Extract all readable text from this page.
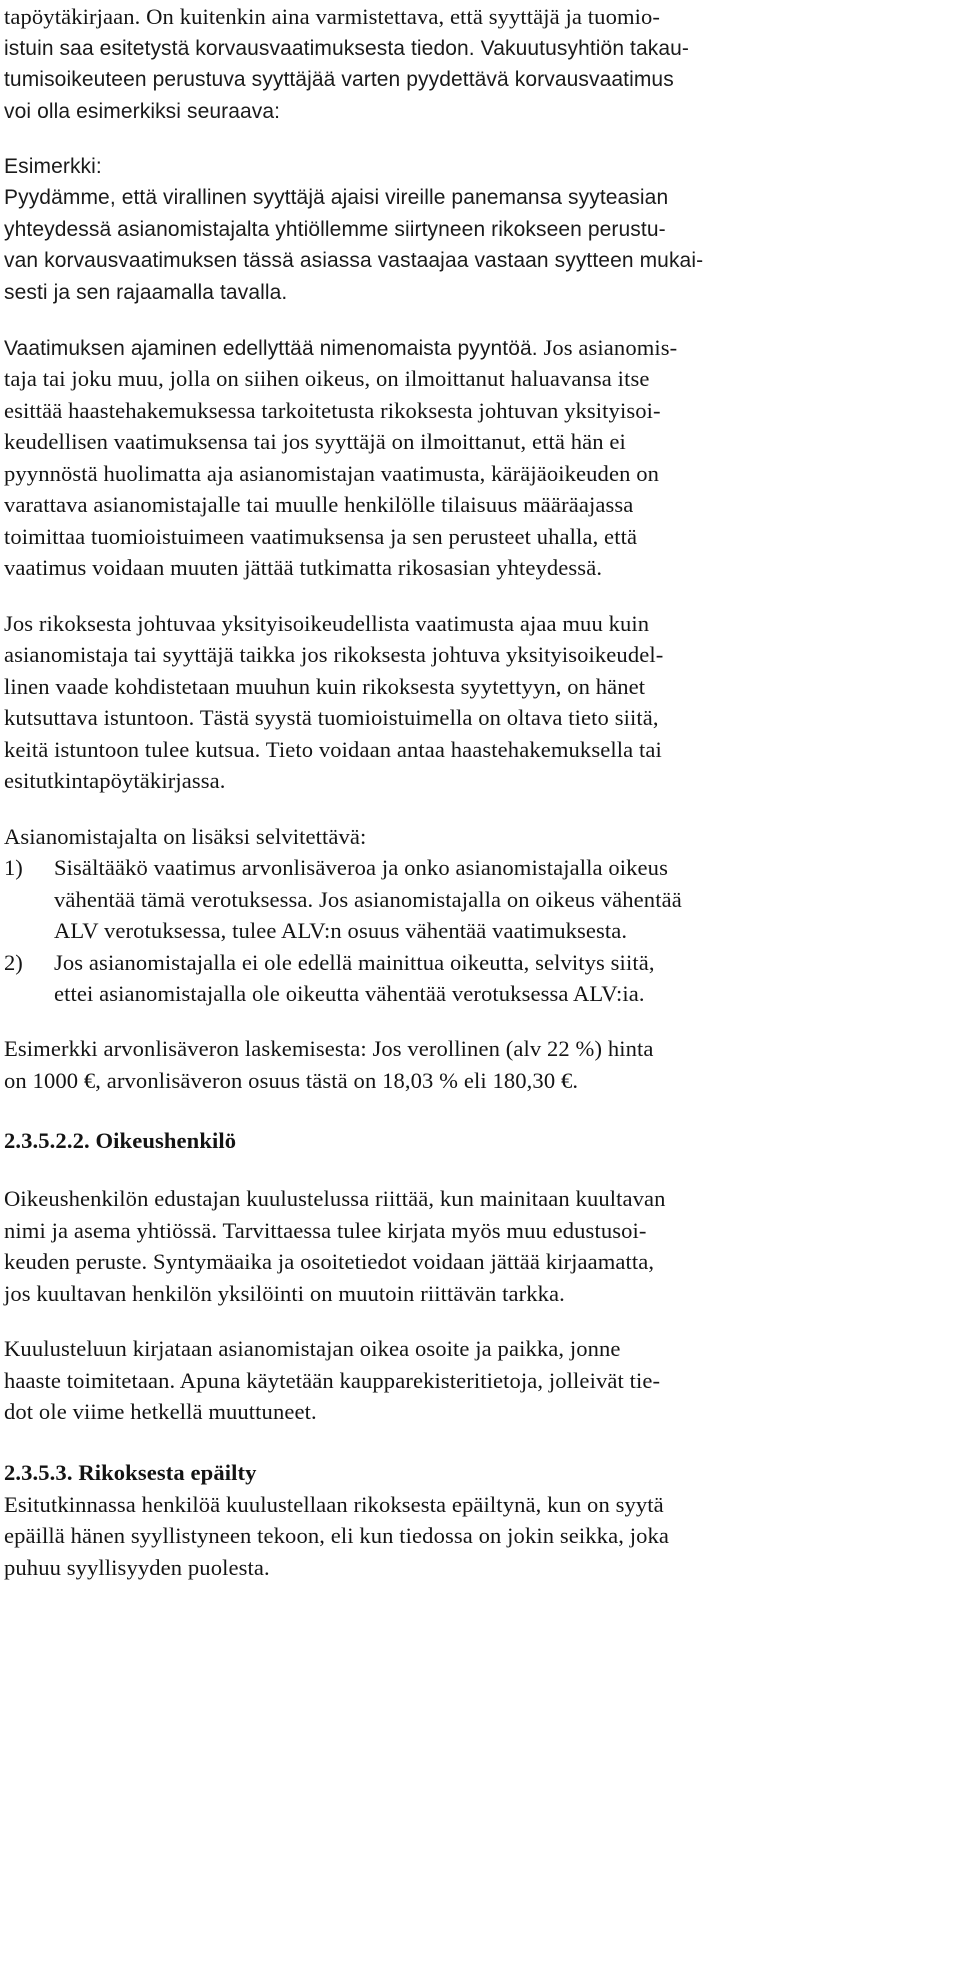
tapöytäkirjaan. On kuitenkin aina varmistettava, että syyttäjä ja tuomio-
istuin saa esitetystä korvausvaatimuksesta tiedon. Vakuutusyhtiön takau-
tumisoikeuteen perustuva syyttäjää varten pyydettävä korvausvaatimus
voi olla esimerkiksi seuraava:
Esimerkki:
Pyydämme, että virallinen syyttäjä ajaisi vireille panemansa syyteasian
yhteydessä asianomistajalta yhtiöllemme siirtyneen rikokseen perustu-
van korvausvaatimuksen tässä asiassa vastaajaa vastaan syytteen mukai-
sesti ja sen rajaamalla tavalla.
Vaatimuksen ajaminen edellyttää nimenomaista pyyntöä. Jos asianomis-
taja tai joku muu, jolla on siihen oikeus, on ilmoittanut haluavansa itse
esittää haastehakemuksessa tarkoitetusta rikoksesta johtuvan yksityisoi-
keudellisen vaatimuksensa tai jos syyttäjä on ilmoittanut, että hän ei
pyynnöstä huolimatta aja asianomistajan vaatimusta, käräjäoikeuden on
varattava asianomistajalle tai muulle henkilölle tilaisuus määräajassa
toimittaa tuomioistuimeen vaatimuksensa ja sen perusteet uhalla, että
vaatimus voidaan muuten jättää tutkimatta rikosasian yhteydessä.
Jos rikoksesta johtuvaa yksityisoikeudellista vaatimusta ajaa muu kuin
asianomistaja tai syyttäjä taikka jos rikoksesta johtuva yksityisoikeudel-
linen vaade kohdistetaan muuhun kuin rikoksesta syytettyyn, on hänet
kutsuttava istuntoon. Tästä syystä tuomioistuimella on oltava tieto siitä,
keitä istuntoon tulee kutsua. Tieto voidaan antaa haastehakemuksella tai
esitutkintapöytäkirjassa.
Asianomistajalta on lisäksi selvitettävä:
1) Sisältääkö vaatimus arvonlisäveroa ja onko asianomistajalla oikeus
vähentää tämä verotuksessa. Jos asianomistajalla on oikeus vähentää
ALV verotuksessa, tulee ALV:n osuus vähentää vaatimuksesta.
2) Jos asianomistajalla ei ole edellä mainittua oikeutta, selvitys siitä,
ettei asianomistajalla ole oikeutta vähentää verotuksessa ALV:ia.
Esimerkki arvonlisäveron laskemisesta: Jos verollinen (alv 22 %) hinta
on 1000 €, arvonlisäveron osuus tästä on 18,03 % eli 180,30 €.
2.3.5.2.2. Oikeushenkilö
Oikeushenkilön edustajan kuulustelussa riittää, kun mainitaan kuultavan
nimi ja asema yhtiössä. Tarvittaessa tulee kirjata myös muu edustusoi-
keuden peruste. Syntymäaika ja osoitetiedot voidaan jättää kirjaamatta,
jos kuultavan henkilön yksilöinti on muutoin riittävän tarkka.
Kuulusteluun kirjataan asianomistajan oikea osoite ja paikka, jonne
haaste toimitetaan. Apuna käytetään kaupparekisteritietoja, jolleivät tie-
dot ole viime hetkellä muuttuneet.
2.3.5.3. Rikoksesta epäilty
Esitutkinnassa henkilöä kuulustellaan rikoksesta epäiltynä, kun on syytä
epäillä hänen syyllistyneen tekoon, eli kun tiedossa on jokin seikka, joka
puhuu syyllisyyden puolesta.
